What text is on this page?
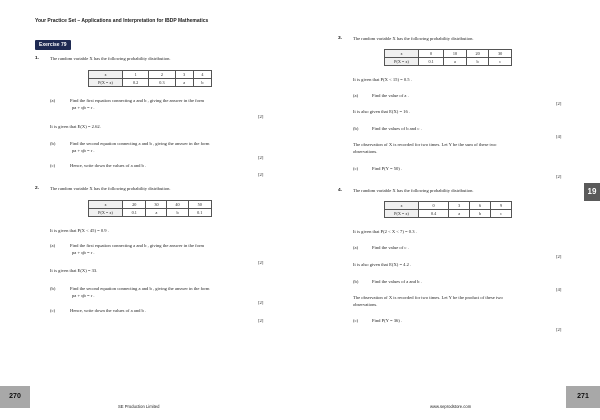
Your Practice Set – Applications and Interpretation for IBDP Mathematics
Exercise 79
1. The random variable X has the following probability distribution.
x	1	2	3	4
P(X = x)	0.2	0.3	a	b
(a)	Find the first equation connecting a and b , giving the answer in the form
pa + qb = r .
[2]
It is given that E(X) = 2.62.
(b)	Find the second equation connecting a and b , giving the answer in the form
pa + qb = r .
[2]
(c)	Hence, write down the values of a and b .
[2]
2. The random variable X has the following probability distribution.
x	20	30	40	50
P(X = x)	0.1	a	b	0.1
It is given that P(X < 45) = 0.9 .
(a)	Find the first equation connecting a and b , giving the answer in the form
pa + qb = r .
[2]
It is given that E(X) = 33.
(b)	Find the second equation connecting a and b , giving the answer in the form
pa + qb = r .
[2]
(c)	Hence, write down the values of a and b .
[2]
3. The random variable X has the following probability distribution.
x	0	10	20	30
P(X = x)	0.1	a	b	c
It is given that P(X < 15) = 0.5 .
(a)	Find the value of a .
[2]
It is also given that E(X) = 16 .
(b)	Find the values of b and c .
[4]
The observation of X is recorded for two times. Let Y be the sum of these two
observations.
(c)	Find P(Y = 50) .
[2]
4. The random variable X has the following probability distribution.
x	0	3	6	9
P(X = x)	0.4	a	b	c
It is given that P(2 < X < 7) = 0.3 .
(a)	Find the value of c .
[2]
It is also given that E(X) = 4.2 .
(b)	Find the values of a and b .
[4]
The observation of X is recorded for two times. Let Y be the product of these two
observations.
(c)	Find P(Y = 36) .
[2]
19
270
SE Production Limited
271
www.seprodstore.com
